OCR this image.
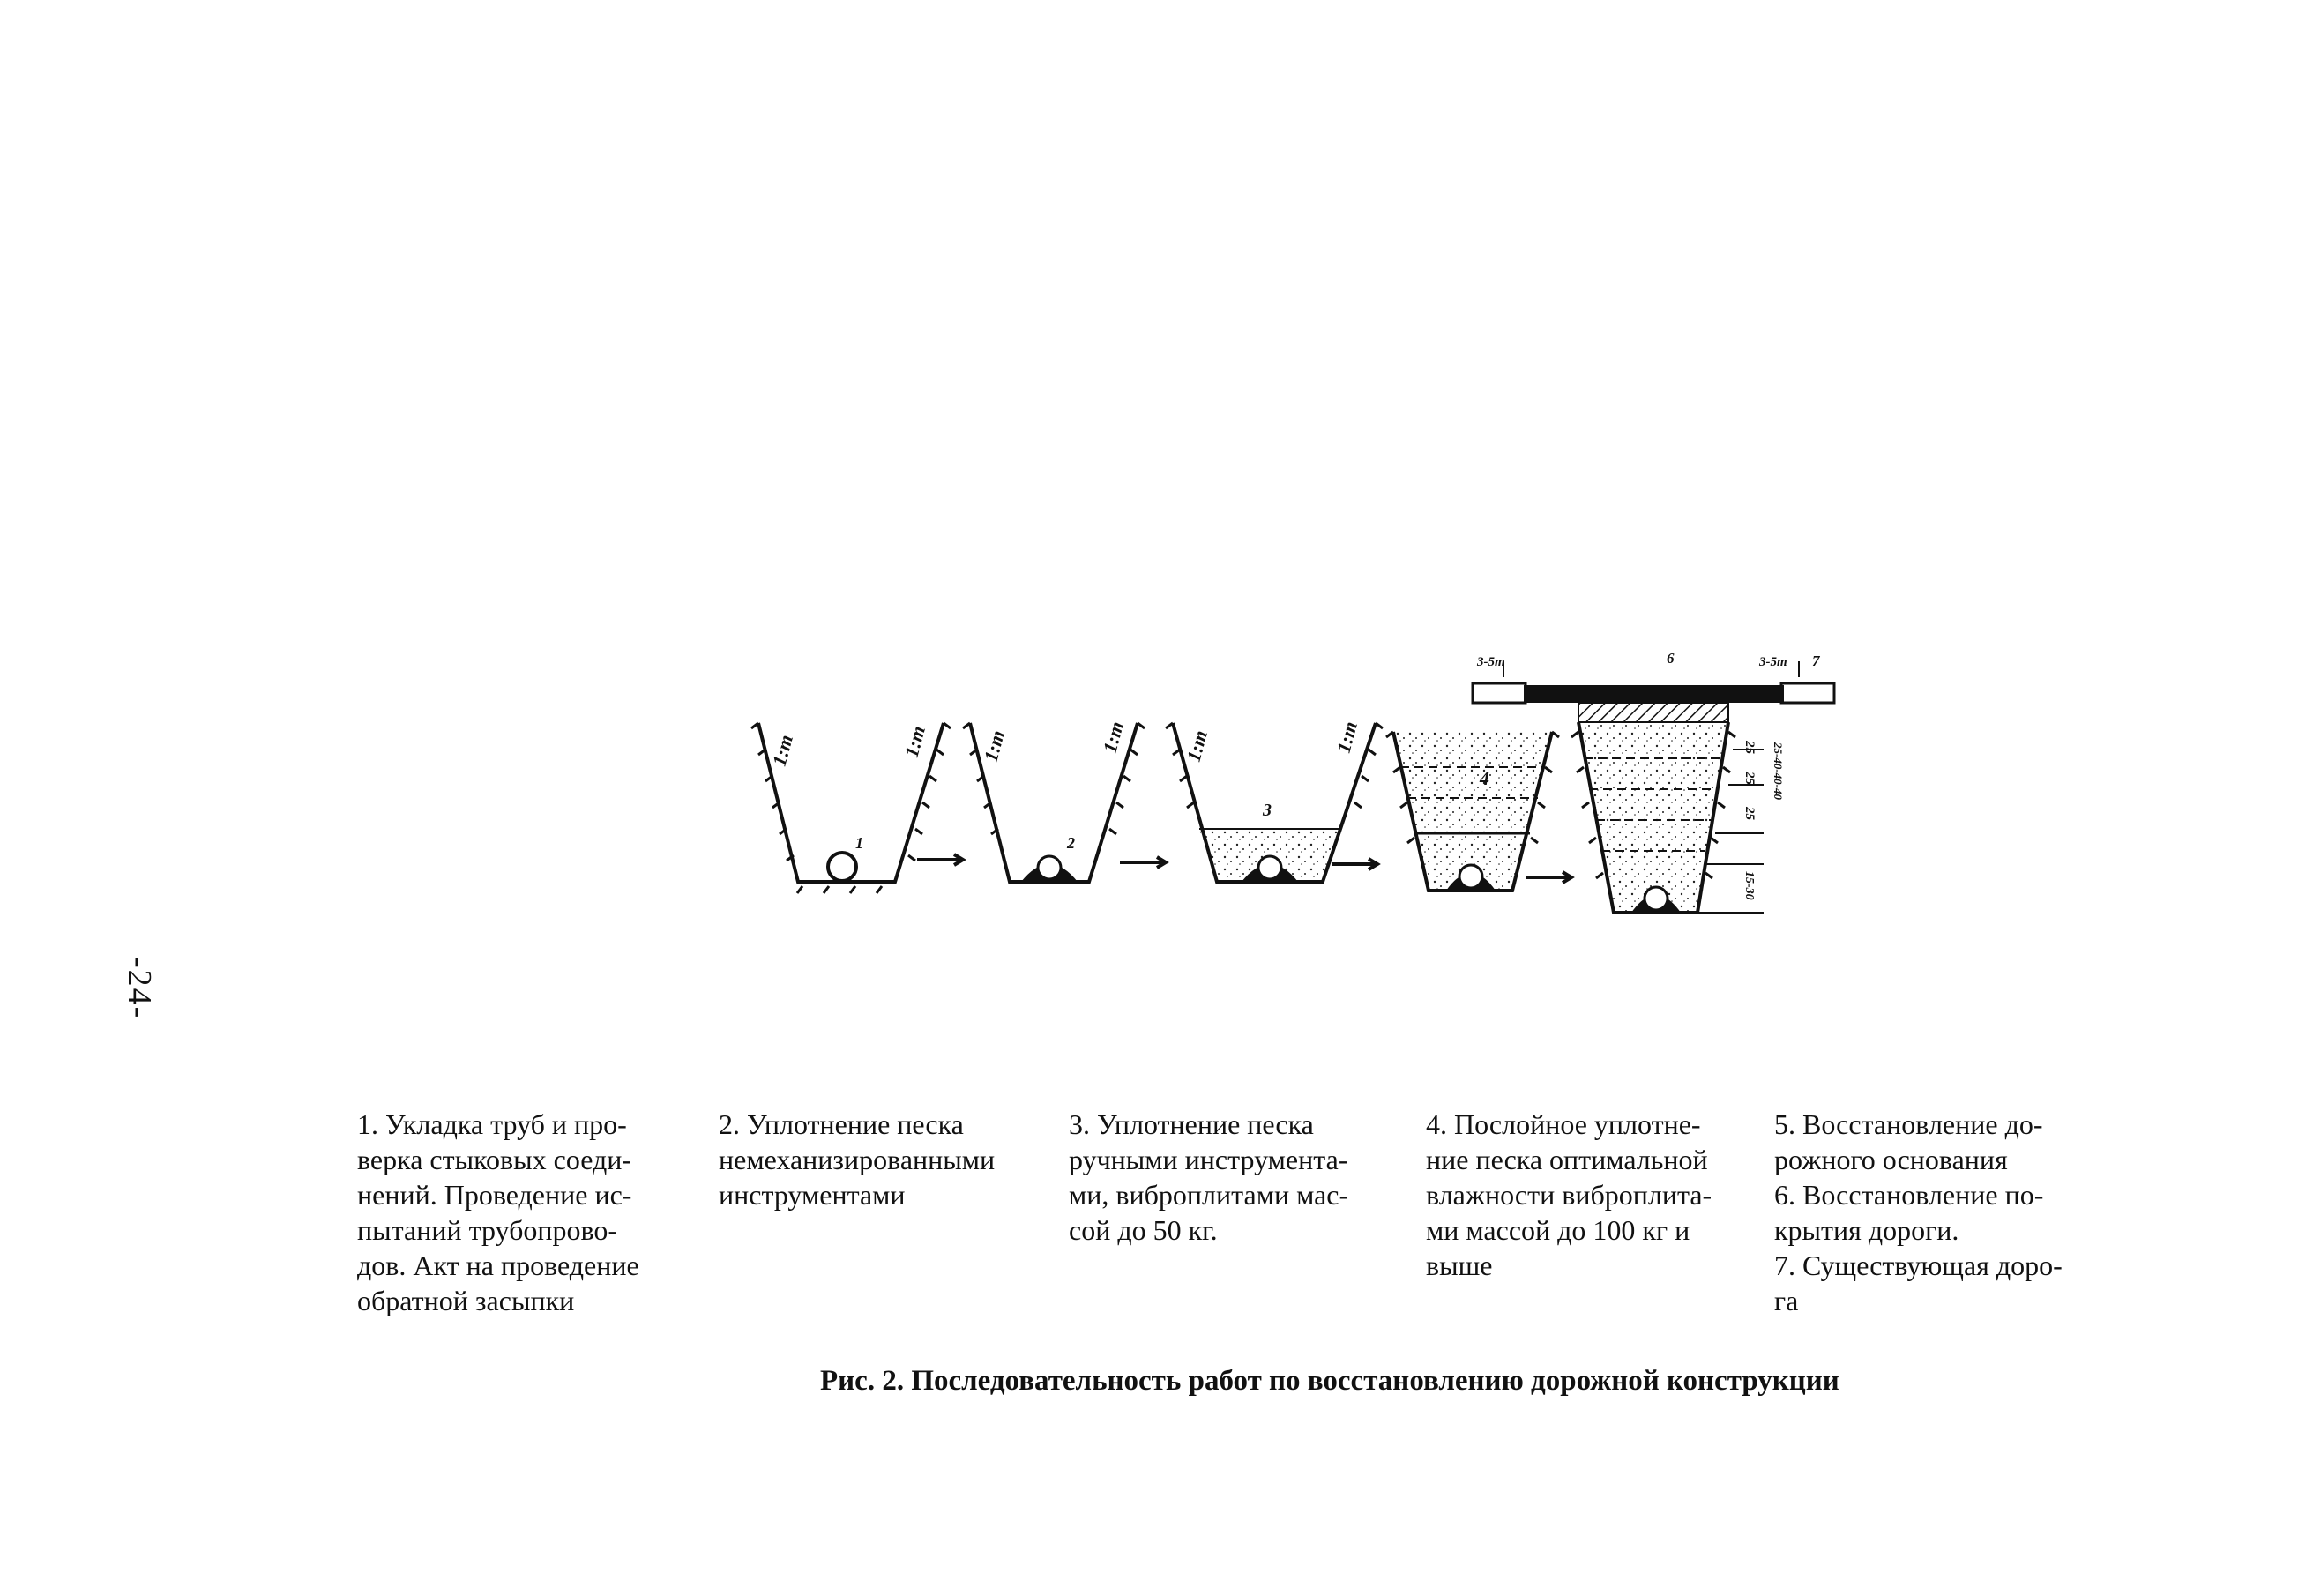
-24-
1:m	1:m
1
1:m	1:m
2
1:m	1:m
3
4
3-5m	3-5m
6	7
25
25
25
25-40-40-40
15-30

1. Укладка труб и про-
верка стыковых соеди-
нений. Проведение ис-
пытаний трубопрово-
дов. Акт на проведение
обратной засыпки

2. Уплотнение песка
немеханизированными
инструментами

3. Уплотнение песка
ручными инструмента-
ми, виброплитами мас-
сой до 50 кг.

4. Послойное уплотне-
ние песка оптимальной
влажности виброплита-
ми массой до 100 кг и
выше

5. Восстановление до-
рожного основания
6. Восстановление по-
крытия дороги.
7. Существующая доро-
га

Рис. 2. Последовательность работ по восстановлению дорожной конструкции
